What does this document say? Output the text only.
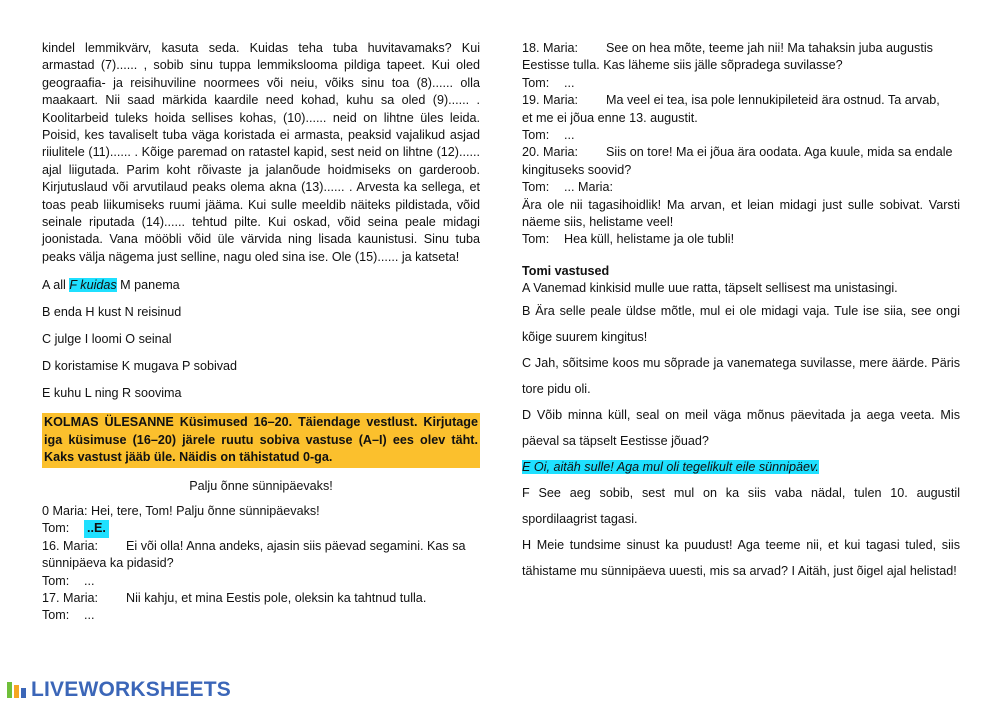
kindel lemmikvärv, kasuta seda. Kuidas teha tuba huvitavamaks? Kui armastad (7)...... , sobib sinu tuppa lemmikslooma pildiga tapeet. Kui oled geograafia- ja reisihuviline noormees või neiu, võiks sinu toa (8)...... olla maakaart. Nii saad märkida kaardile need kohad, kuhu sa oled (9)...... . Koolitarbeid tuleks hoida sellises kohas, (10)...... neid on lihtne üles leida. Poisid, kes tavaliselt tuba väga koristada ei armasta, peaksid vajalikud asjad riiulitele (11)...... . Kõige paremad on ratastel kapid, sest neid on lihtne (12)...... ajal liigutada. Parim koht rõivaste ja jalanõude hoidmiseks on garderoob. Kirjutuslaud või arvutilaud peaks olema akna (13)...... . Arvesta ka sellega, et toas peab liikumiseks ruumi jääma. Kui sulle meeldib näiteks pildistada, võid seinale riputada (14)...... tehtud pilte. Kui oskad, võid seina peale midagi joonistada. Vana mööbli võid üle värvida ning lisada kaunistusi. Sinu tuba peaks välja nägema just selline, nagu oled sina ise. Ole (15)...... ja katseta!

A all F kuidas M panema

B enda H kust N reisinud

C julge I loomi O seinal

D koristamise K mugava P sobivad

E kuhu L ning R soovima

KOLMAS ÜLESANNE Küsimused 16–20. Täiendage vestlust. Kirjutage iga küsimuse (16–20) järele ruutu sobiva vastuse (A–I) ees olev täht. Kaks vastust jääb üle. Näidis on tähistatud 0-ga.

Palju õnne sünnipäevaks!

0 Maria: Hei, tere, Tom! Palju õnne sünnipäevaks!

Tom: ..E.

16. Maria: Ei või olla! Anna andeks, ajasin siis päevad segamini. Kas sa

sünnipäeva ka pidasid?

Tom: ...

17. Maria: Nii kahju, et mina Eestis pole, oleksin ka tahtnud tulla.

Tom: ...

18. Maria: See on hea mõte, teeme jah nii! Ma tahaksin juba augustis

Eestisse tulla. Kas läheme siis jälle sõpradega suvilasse?

Tom: ...

19. Maria: Ma veel ei tea, isa pole lennukipileteid ära ostnud. Ta arvab,

et me ei jõua enne 13. augustit.

Tom: ...

20. Maria: Siis on tore! Ma ei jõua ära oodata. Aga kuule, mida sa endale

kingituseks soovid?

Tom: ... Maria:

Ära ole nii tagasihoidlik! Ma arvan, et leian midagi just sulle sobivat. Varsti näeme siis, helistame veel!

Tom: Hea küll, helistame ja ole tubli!

Tomi vastused

A Vanemad kinkisid mulle uue ratta, täpselt sellisest ma unistasingi.

B Ära selle peale üldse mõtle, mul ei ole midagi vaja. Tule ise siia, see ongi kõige suurem kingitus!

C Jah, sõitsime koos mu sõprade ja vanematega suvilasse, mere äärde. Päris tore pidu oli.

D Võib minna küll, seal on meil väga mõnus päevitada ja aega veeta. Mis päeval sa täpselt Eestisse jõuad?

E Oi, aitäh sulle! Aga mul oli tegelikult eile sünnipäev.

F See aeg sobib, sest mul on ka siis vaba nädal, tulen 10. augustil spordilaagrist tagasi.

H Meie tundsime sinust ka puudust! Aga teeme nii, et kui tagasi tuled, siis tähistame mu sünnipäeva uuesti, mis sa arvad? I Aitäh, just õigel ajal helistad!

LIVEWORKSHEETS
